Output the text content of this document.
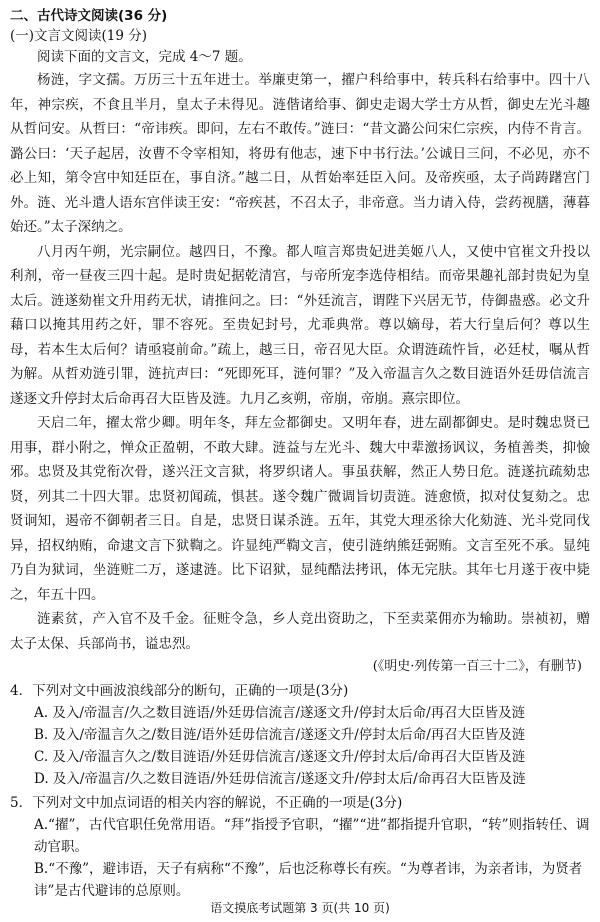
二、古代诗文阅读(36 分)
(一)文言文阅读(19 分)
阅读下面的文言文，完成 4～7 题。

杨涟，字文孺。万历三十五年进士。举廉吏第一，擢户科给事中，转兵科右给事中。四十八年，神宗疾，不食且半月，皇太子未得见。涟偕诸给事、御史走谒大学士方从哲，御史左光斗趣从哲问安。从哲曰：“帝讳疾。即问，左右不敢传。”涟曰：“昔文潞公问宋仁宗疾，内侍不肯言。潞公曰：‘天子起居，汝曹不令宰相知，将毋有他志，速下中书行法。’公诚日三问，不必见，亦不必上知，第令宫中知廷臣在，事自济。”越二日，从哲始率廷臣入问。及帝疾亟，太子尚踌躇宫门外。涟、光斗遣人语东宫伴读王安：“帝疾甚，不召太子，非帝意。当力请入侍，尝药视膳，薄暮始还。”太子深纳之。

八月丙午朔，光宗嗣位。越四日，不豫。都人喧言郑贵妃进美姬八人，又使中官崔文升投以利剂，帝一昼夜三四十起。是时贵妃据乾清宫，与帝所宠李选侍相结。而帝果趣礼部封贵妃为皇太后。涟遂劾崔文升用药无状，请推问之。曰：“外廷流言，谓陛下兴居无节，侍御蛊惑。必文升藉口以掩其用药之奸，罪不容死。至贵妃封号，尤乖典常。尊以嫡母，若大行皇后何？尊以生母，若本生太后何？请亟寝前命。”疏上，越三日，帝召见大臣。众谓涟疏忤旨，必廷杖，嘱从哲为解。从哲劝涟引罪，涟抗声曰：“死即死耳，涟何罪？”及入帝温言久之数目涟语外廷毋信流言遂逐文升停封太后命再召大臣皆及涟。九月乙亥朔，帝崩，帝崩。熹宗即位。

天启二年，擢太常少卿。明年冬，拜左佥都御史。又明年春，进左副都御史。是时魏忠贤已用事，群小附之，惮众正盈朝，不敢大肆。涟益与左光斗、魏大中辈激扬讽议，务植善类，抑憸邪。忠贤及其党衔次骨，遂兴汪文言狱，将罗织诸人。事虽获解，然正人势日危。涟遂抗疏劾忠贤，列其二十四大罪。忠贤初闻疏，惧甚。遂令魏广微调旨切责涟。涟愈愤，拟对仗复劾之。忠贤诇知，遏帝不御朝者三日。自是，忠贤日谋杀涟。五年，其党大理丞徐大化劾涟、光斗党同伐异，招权纳贿，命逮文言下狱鞫之。许显纯严鞫文言，使引涟纳熊廷弼贿。文言至死不承。显纯乃自为狱词，坐涟赃二万，遂逮涟。比下诏狱，显纯酷法拷讯，体无完肤。其年七月遂于夜中毙之，年五十四。

涟素贫，产入官不及千金。征赃令急，乡人竞出资助之，下至卖菜佣亦为输助。崇祯初，赠太子太保、兵部尚书，谥忠烈。

(《明史·列传第一百三十二》，有删节)
4．下列对文中画波浪线部分的断句，正确的一项是(3分)
A. 及入/帝温言/久之数目涟语/外廷毋信流言/遂逐文升/停封太后命/再召大臣皆及涟
B. 及入/帝温言久之/数目涟/语外廷毋信流言/遂逐文升/停封太后命/再召大臣皆及涟
C. 及入/帝温言久之/数目涟语/外廷毋信流言/遂逐文升/停封太后/命再召大臣皆及涟
D. 及入/帝温言/久之数目涟语/外廷毋信流言/遂逐文升/停封太后/命再召大臣皆及涟
5．下列对文中加点词语的相关内容的解说，不正确的一项是(3分)
A.“擢”，古代官职任免常用语。“拜”指授予官职，“擢”“进”都指提升官职，“转”则指转任、调动官职。
B.“不豫”，避讳语，天子有病称“不豫”，后也泛称尊长有疾。“为尊者讳，为亲者讳，为贤者讳”是古代避讳的总原则。
语文摸底考试题第 3 页(共 10 页)
